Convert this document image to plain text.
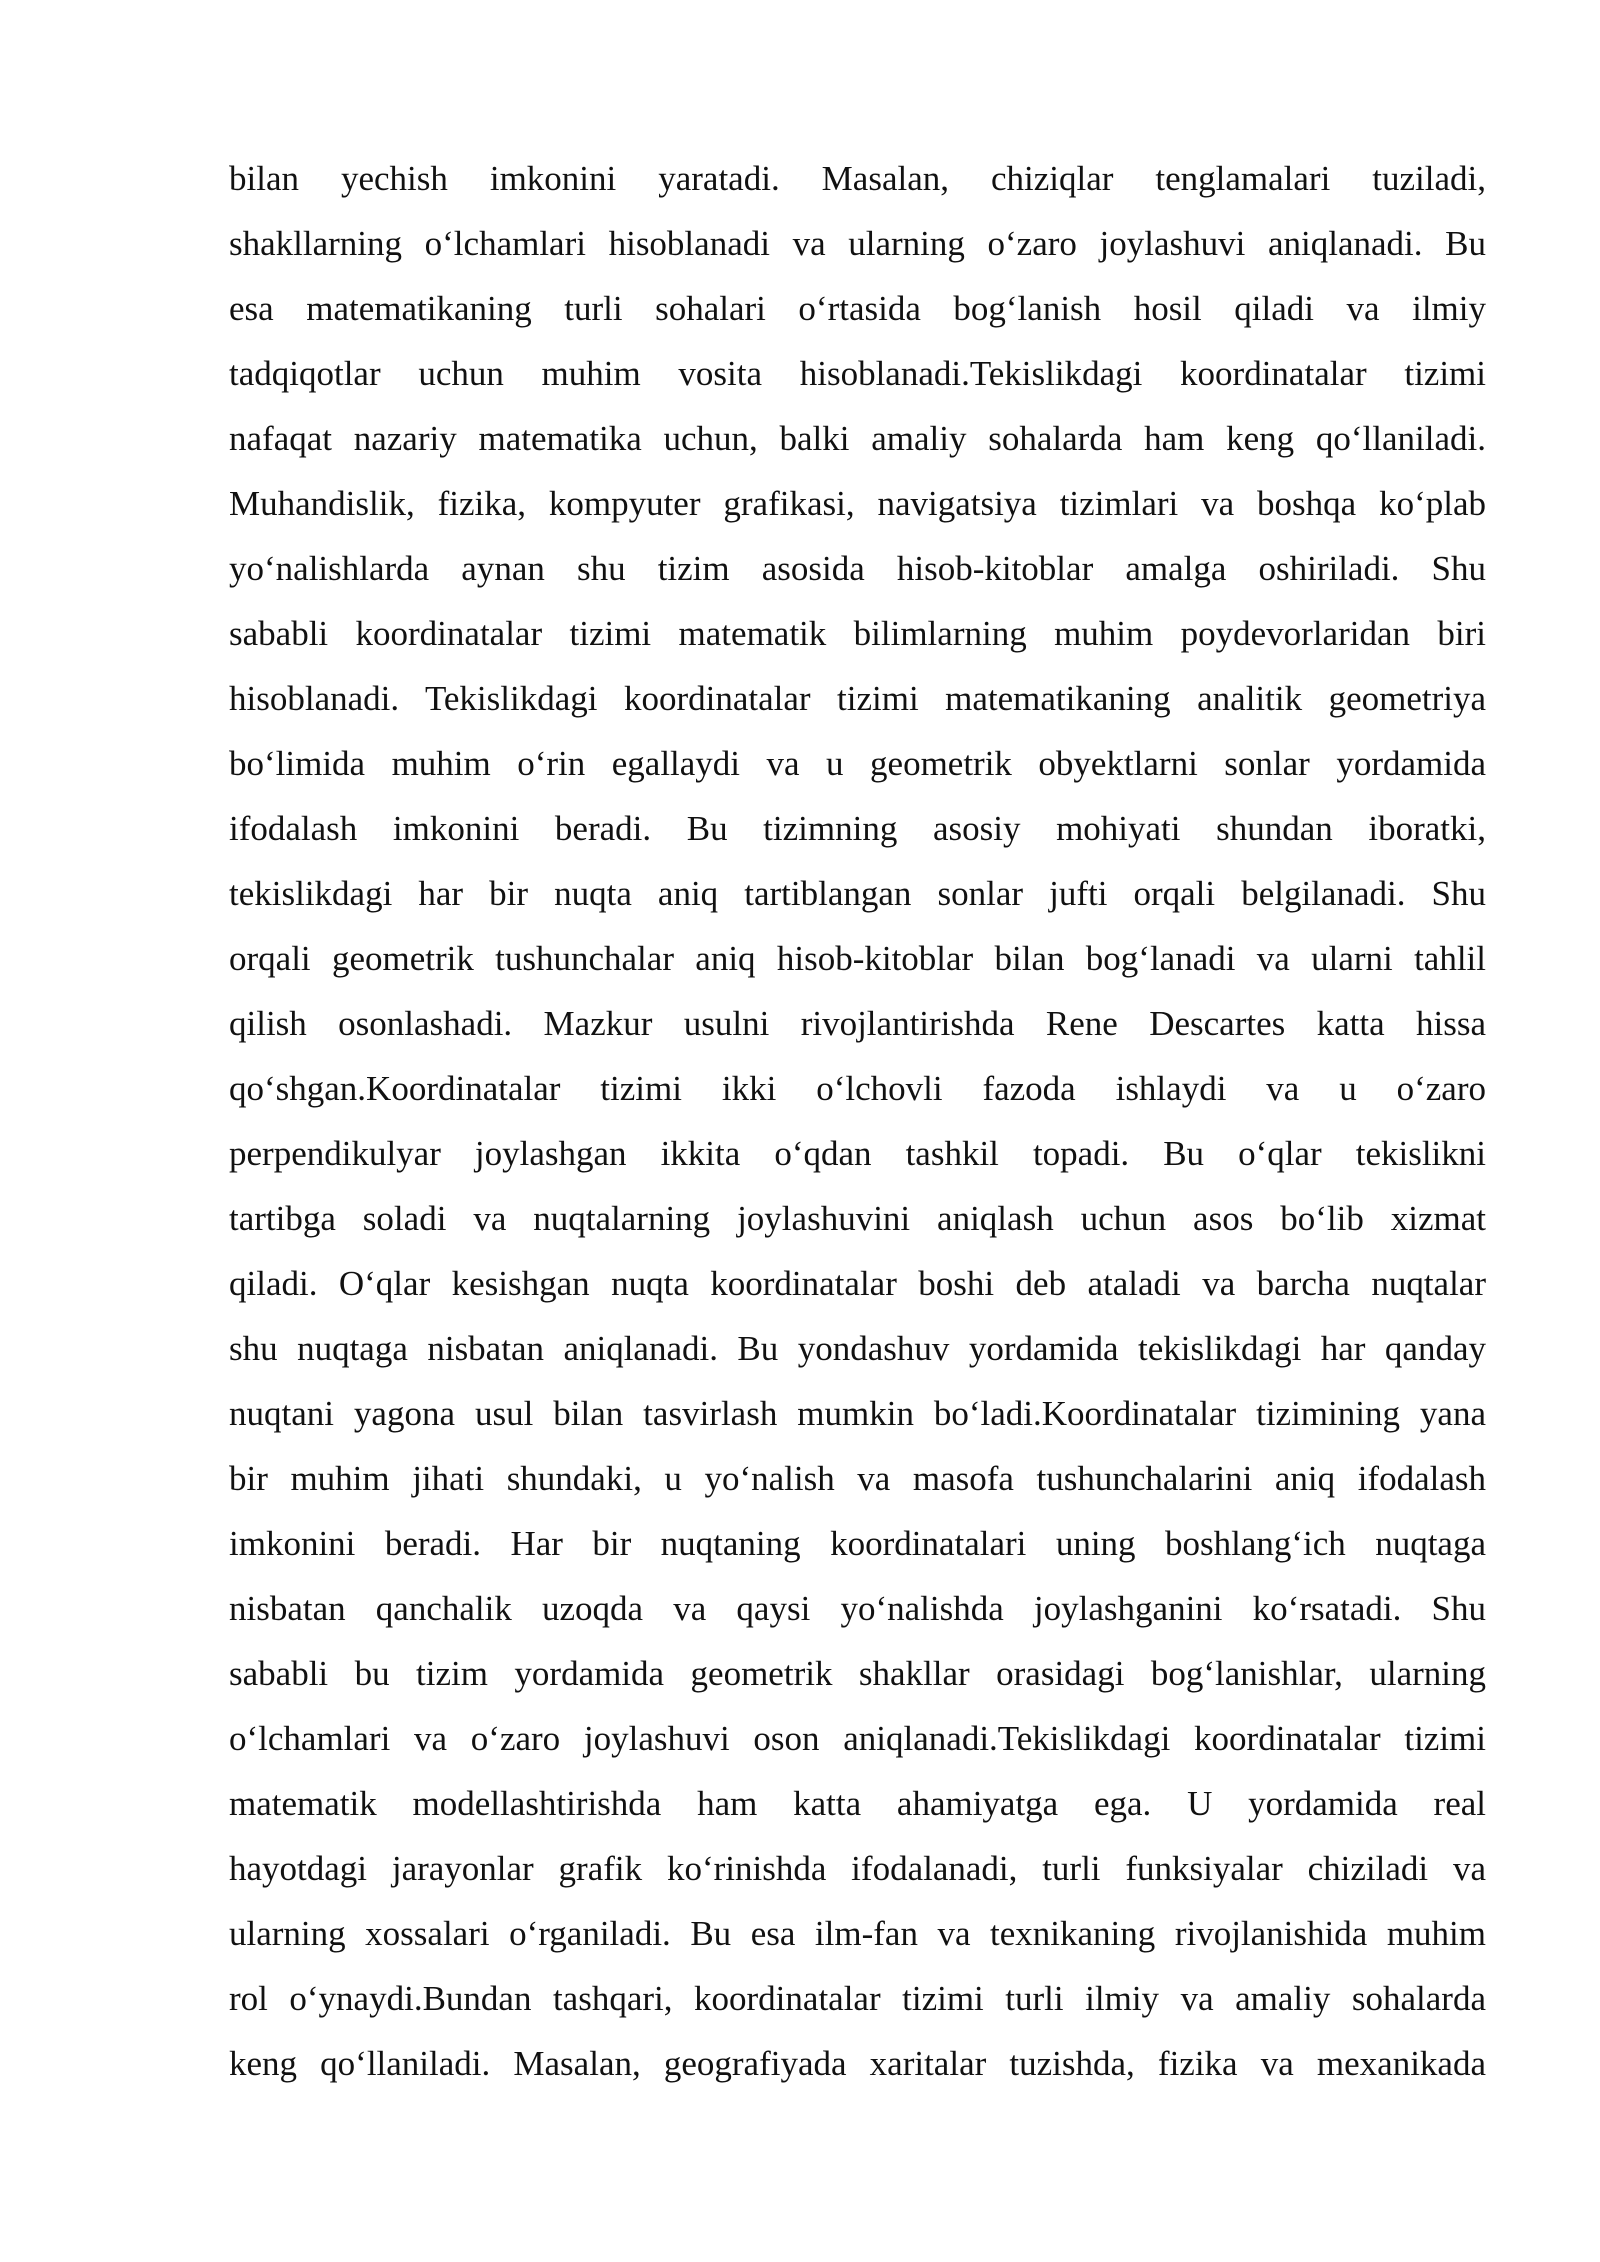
bilan yechish imkonini yaratadi. Masalan, chiziqlar tenglamalari tuziladi,
shakllarning oʻlchamlari hisoblanadi va ularning oʻzaro joylashuvi aniqlanadi. Bu
esa matematikaning turli sohalari oʻrtasida bogʻlanish hosil qiladi va ilmiy
tadqiqotlar uchun muhim vosita hisoblanadi.Tekislikdagi koordinatalar tizimi
nafaqat nazariy matematika uchun, balki amaliy sohalarda ham keng qoʻllaniladi.
Muhandislik, fizika, kompyuter grafikasi, navigatsiya tizimlari va boshqa koʻplab
yoʻnalishlarda aynan shu tizim asosida hisob-kitoblar amalga oshiriladi. Shu
sababli koordinatalar tizimi matematik bilimlarning muhim poydevorlaridan biri
hisoblanadi. Tekislikdagi koordinatalar tizimi matematikaning analitik geometriya
boʻlimida muhim oʻrin egallaydi va u geometrik obyektlarni sonlar yordamida
ifodalash imkonini beradi. Bu tizimning asosiy mohiyati shundan iboratki,
tekislikdagi har bir nuqta aniq tartiblangan sonlar jufti orqali belgilanadi. Shu
orqali geometrik tushunchalar aniq hisob-kitoblar bilan bogʻlanadi va ularni tahlil
qilish osonlashadi. Mazkur usulni rivojlantirishda Rene Descartes katta hissa
qoʻshgan.Koordinatalar tizimi ikki oʻlchovli fazoda ishlaydi va u oʻzaro
perpendikulyar joylashgan ikkita oʻqdan tashkil topadi. Bu oʻqlar tekislikni
tartibga soladi va nuqtalarning joylashuvini aniqlash uchun asos boʻlib xizmat
qiladi. Oʻqlar kesishgan nuqta koordinatalar boshi deb ataladi va barcha nuqtalar
shu nuqtaga nisbatan aniqlanadi. Bu yondashuv yordamida tekislikdagi har qanday
nuqtani yagona usul bilan tasvirlash mumkin boʻladi.Koordinatalar tizimining yana
bir muhim jihati shundaki, u yoʻnalish va masofa tushunchalarini aniq ifodalash
imkonini beradi. Har bir nuqtaning koordinatalari uning boshlangʻich nuqtaga
nisbatan qanchalik uzoqda va qaysi yoʻnalishda joylashganini koʻrsatadi. Shu
sababli bu tizim yordamida geometrik shakllar orasidagi bogʻlanishlar, ularning
oʻlchamlari va oʻzaro joylashuvi oson aniqlanadi.Tekislikdagi koordinatalar tizimi
matematik modellashtirishda ham katta ahamiyatga ega. U yordamida real
hayotdagi jarayonlar grafik koʻrinishda ifodalanadi, turli funksiyalar chiziladi va
ularning xossalari oʻrganiladi. Bu esa ilm-fan va texnikaning rivojlanishida muhim
rol oʻynaydi.Bundan tashqari, koordinatalar tizimi turli ilmiy va amaliy sohalarda
keng qoʻllaniladi. Masalan, geografiyada xaritalar tuzishda, fizika va mexanikada
